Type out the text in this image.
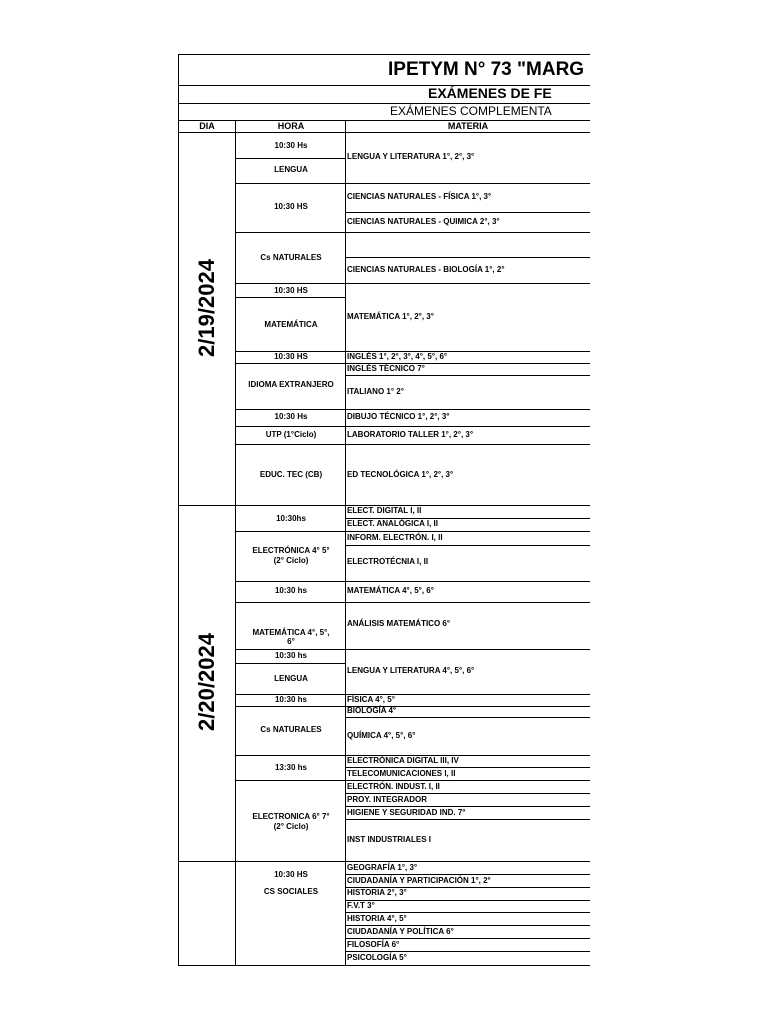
IPETYM N° 73 "MARG
EXÁMENES DE FE
EXÁMENES COMPLEMENTA
DIA	HORA	MATERIA
2/19/2024
10:30 Hs
LENGUA
10:30 HS
Cs NATURALES
10:30 HS
MATEMÁTICA
10:30 HS
IDIOMA EXTRANJERO
10:30 Hs
UTP (1°Ciclo)
EDUC. TEC (CB)
LENGUA Y LITERATURA 1°, 2°, 3°
CIENCIAS NATURALES - FÍSICA 1°, 3°
CIENCIAS NATURALES - QUIMICA 2°, 3°
CIENCIAS NATURALES - BIOLOGÍA 1°, 2°
MATEMÁTICA 1°, 2°, 3°
INGLÉS 1°, 2°, 3°, 4°, 5°, 6°
INGLÉS TÉCNICO 7°
ITALIANO 1° 2°
DIBUJO TÉCNICO 1°, 2°, 3°
LABORATORIO TALLER 1°, 2°, 3°
ED TECNOLÓGICA 1°, 2°, 3°
2/20/2024
10:30hs
ELECTRÓNICA 4° 5°
(2° Ciclo)
10:30 hs
MATEMÁTICA 4°, 5°,
6°
10:30 hs
LENGUA
10:30 hs
Cs NATURALES
13:30 hs
ELECTRONICA 6° 7°
(2° Ciclo)
ELECT. DIGITAL I, II
ELECT. ANALÓGICA I, II
INFORM. ELECTRÓN. I, II
ELECTROTÉCNIA I, II
MATEMÁTICA 4°, 5°, 6°
ANÁLISIS MATEMÁTICO 6°
LENGUA Y LITERATURA 4°, 5°, 6°
FÍSICA 4°, 5°
BIOLOGÍA 4°
QUÍMICA 4°, 5°, 6°
ELECTRÓNICA DIGITAL III, IV
TELECOMUNICACIONES I, II
ELECTRÓN. INDUST. I, II
PROY. INTEGRADOR
HIGIENE Y SEGURIDAD IND. 7°
INST INDUSTRIALES I
10:30 HS
CS SOCIALES
GEOGRAFÍA 1°, 3°
CIUDADANÍA Y PARTICIPACIÓN 1°, 2°
HISTORIA 2°, 3°
F.V.T 3°
HISTORIA 4°, 5°
CIUDADANÍA Y POLÍTICA 6°
FILOSOFÍA 6°
PSICOLOGÍA 5°
